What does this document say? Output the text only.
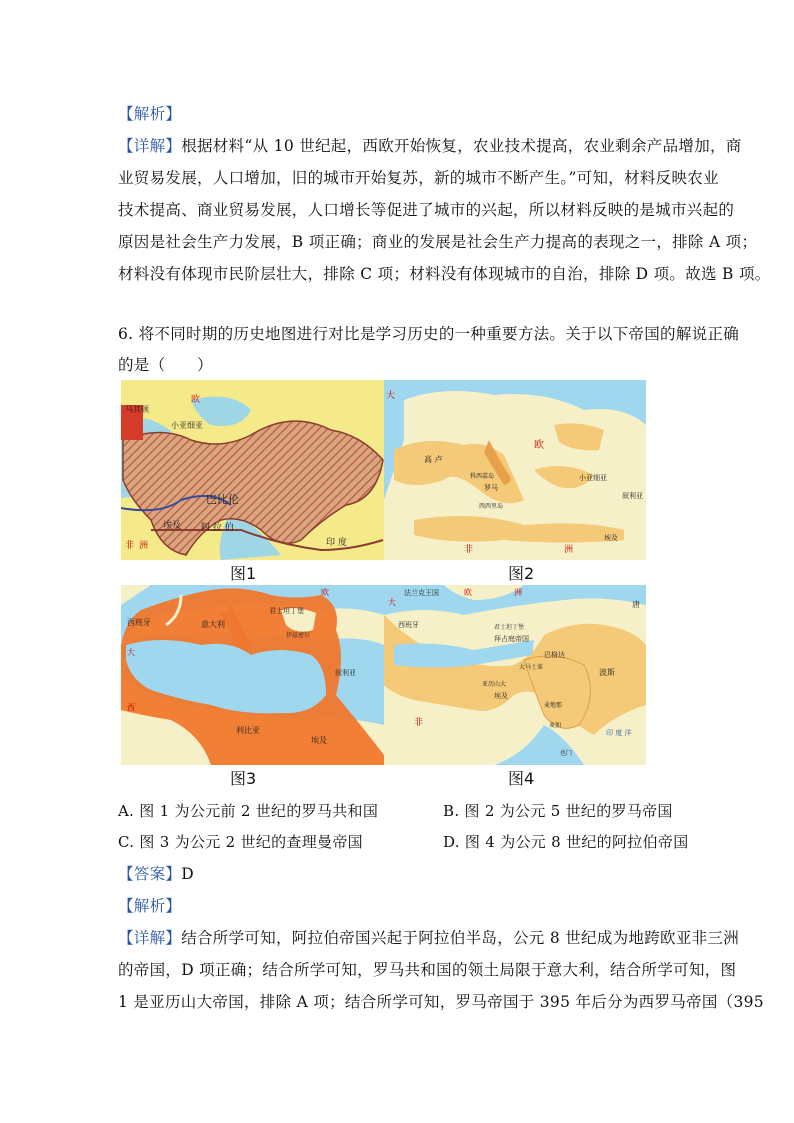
【解析】
【详解】根据材料“从 10 世纪起，西欧开始恢复，农业技术提高，农业剩余产品增加，商
业贸易发展，人口增加，旧的城市开始复苏，新的城市不断产生。”可知，材料反映农业
技术提高、商业贸易发展，人口增长等促进了城市的兴起，所以材料反映的是城市兴起的
原因是社会生产力发展，B 项正确；商业的发展是社会生产力提高的表现之一，排除 A 项；
材料没有体现市民阶层壮大，排除 C 项；材料没有体现城市的自治，排除 D 项。故选 B 项。
6. 将不同时期的历史地图进行对比是学习历史的一种重要方法。关于以下帝国的解说正确
的是（　　）
马其顿
小亚细亚
巴比伦
埃及 阿 拉 伯
印 度
非 洲
欧
图1
大
欧
高 卢
科西嘉岛
罗马
西西里岛
小亚细亚
叙利亚
非	洲
埃及
图2
欧
西班牙	意大利
君士坦丁堡
伊兹密尔
叙利亚
利比亚
埃及
大
西
图3
法兰克王国	欧	洲
西班牙	君士坦丁堡
拜占庭帝国
巴格达
大马士革
亚历山大
埃及
麦地那
麦加
非
也门
唐
波斯
大
印 度 洋
图4
A. 图 1 为公元前 2 世纪的罗马共和国	B. 图 2 为公元 5 世纪的罗马帝国
C. 图 3 为公元 2 世纪的查理曼帝国	D. 图 4 为公元 8 世纪的阿拉伯帝国
【答案】D
【解析】
【详解】结合所学可知，阿拉伯帝国兴起于阿拉伯半岛，公元 8 世纪成为地跨欧亚非三洲
的帝国，D 项正确；结合所学可知，罗马共和国的领土局限于意大利，结合所学可知，图
1 是亚历山大帝国，排除 A 项；结合所学可知，罗马帝国于 395 年后分为西罗马帝国（395
